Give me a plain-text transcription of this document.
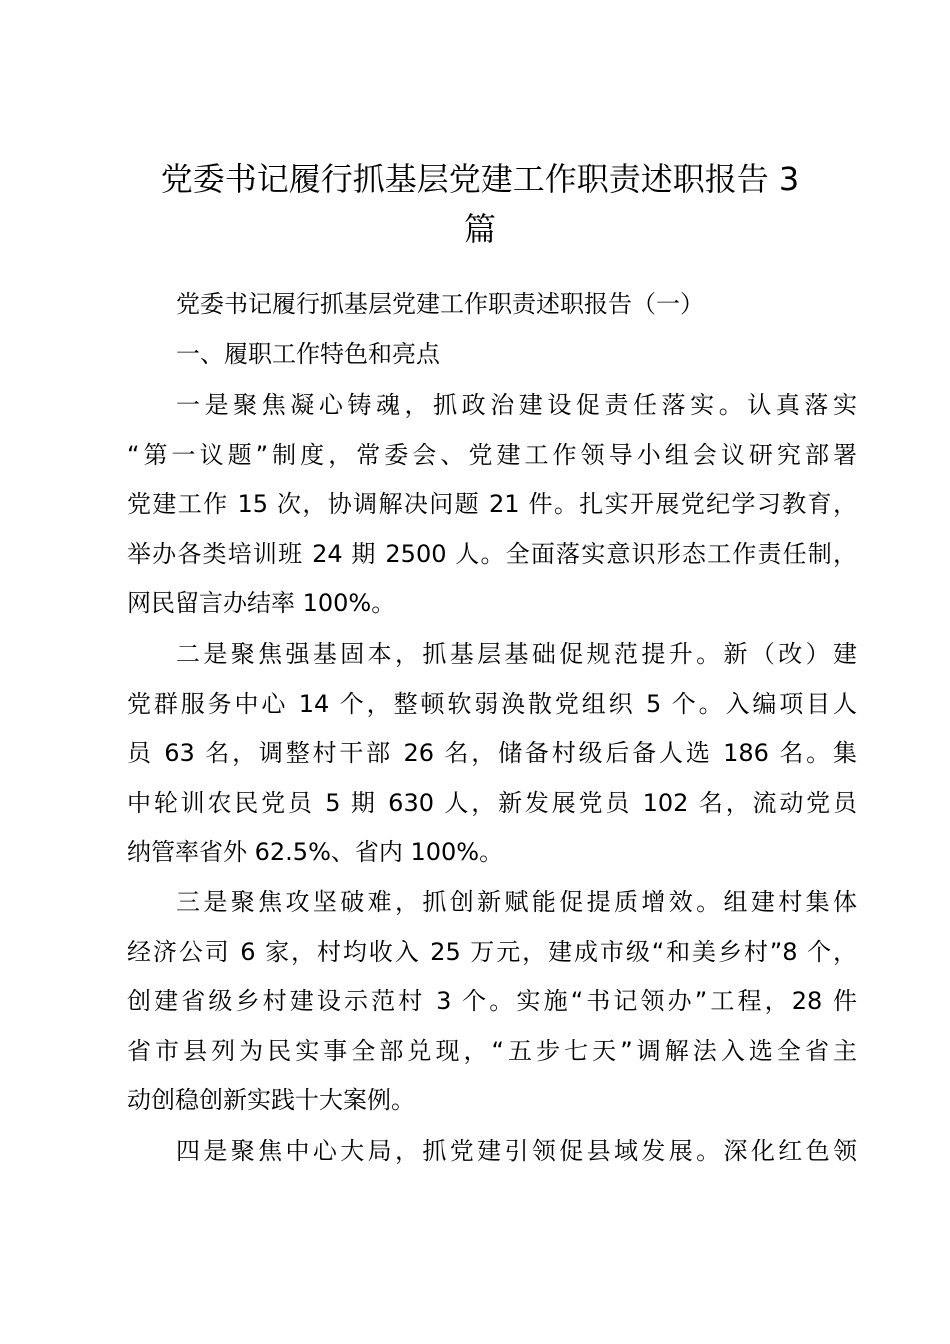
党委书记履行抓基层党建工作职责述职报告 3
篇
党委书记履行抓基层党建工作职责述职报告（一）
一、履职工作特色和亮点
一是聚焦凝心铸魂，抓政治建设促责任落实。认真落实
“第一议题”制度，常委会、党建工作领导小组会议研究部署
党建工作 15 次，协调解决问题 21 件。扎实开展党纪学习教育，
举办各类培训班 24 期 2500 人。全面落实意识形态工作责任制，
网民留言办结率 100%。
二是聚焦强基固本，抓基层基础促规范提升。新（改）建
党群服务中心 14 个，整顿软弱涣散党组织 5 个。入编项目人
员 63 名，调整村干部 26 名，储备村级后备人选 186 名。集
中轮训农民党员 5 期 630 人，新发展党员 102 名，流动党员
纳管率省外 62.5%、省内 100%。
三是聚焦攻坚破难，抓创新赋能促提质增效。组建村集体
经济公司 6 家，村均收入 25 万元，建成市级“和美乡村”8 个，
创建省级乡村建设示范村 3 个。实施“书记领办”工程，28 件
省市县列为民实事全部兑现，“五步七天”调解法入选全省主
动创稳创新实践十大案例。
四是聚焦中心大局，抓党建引领促县域发展。深化红色领
